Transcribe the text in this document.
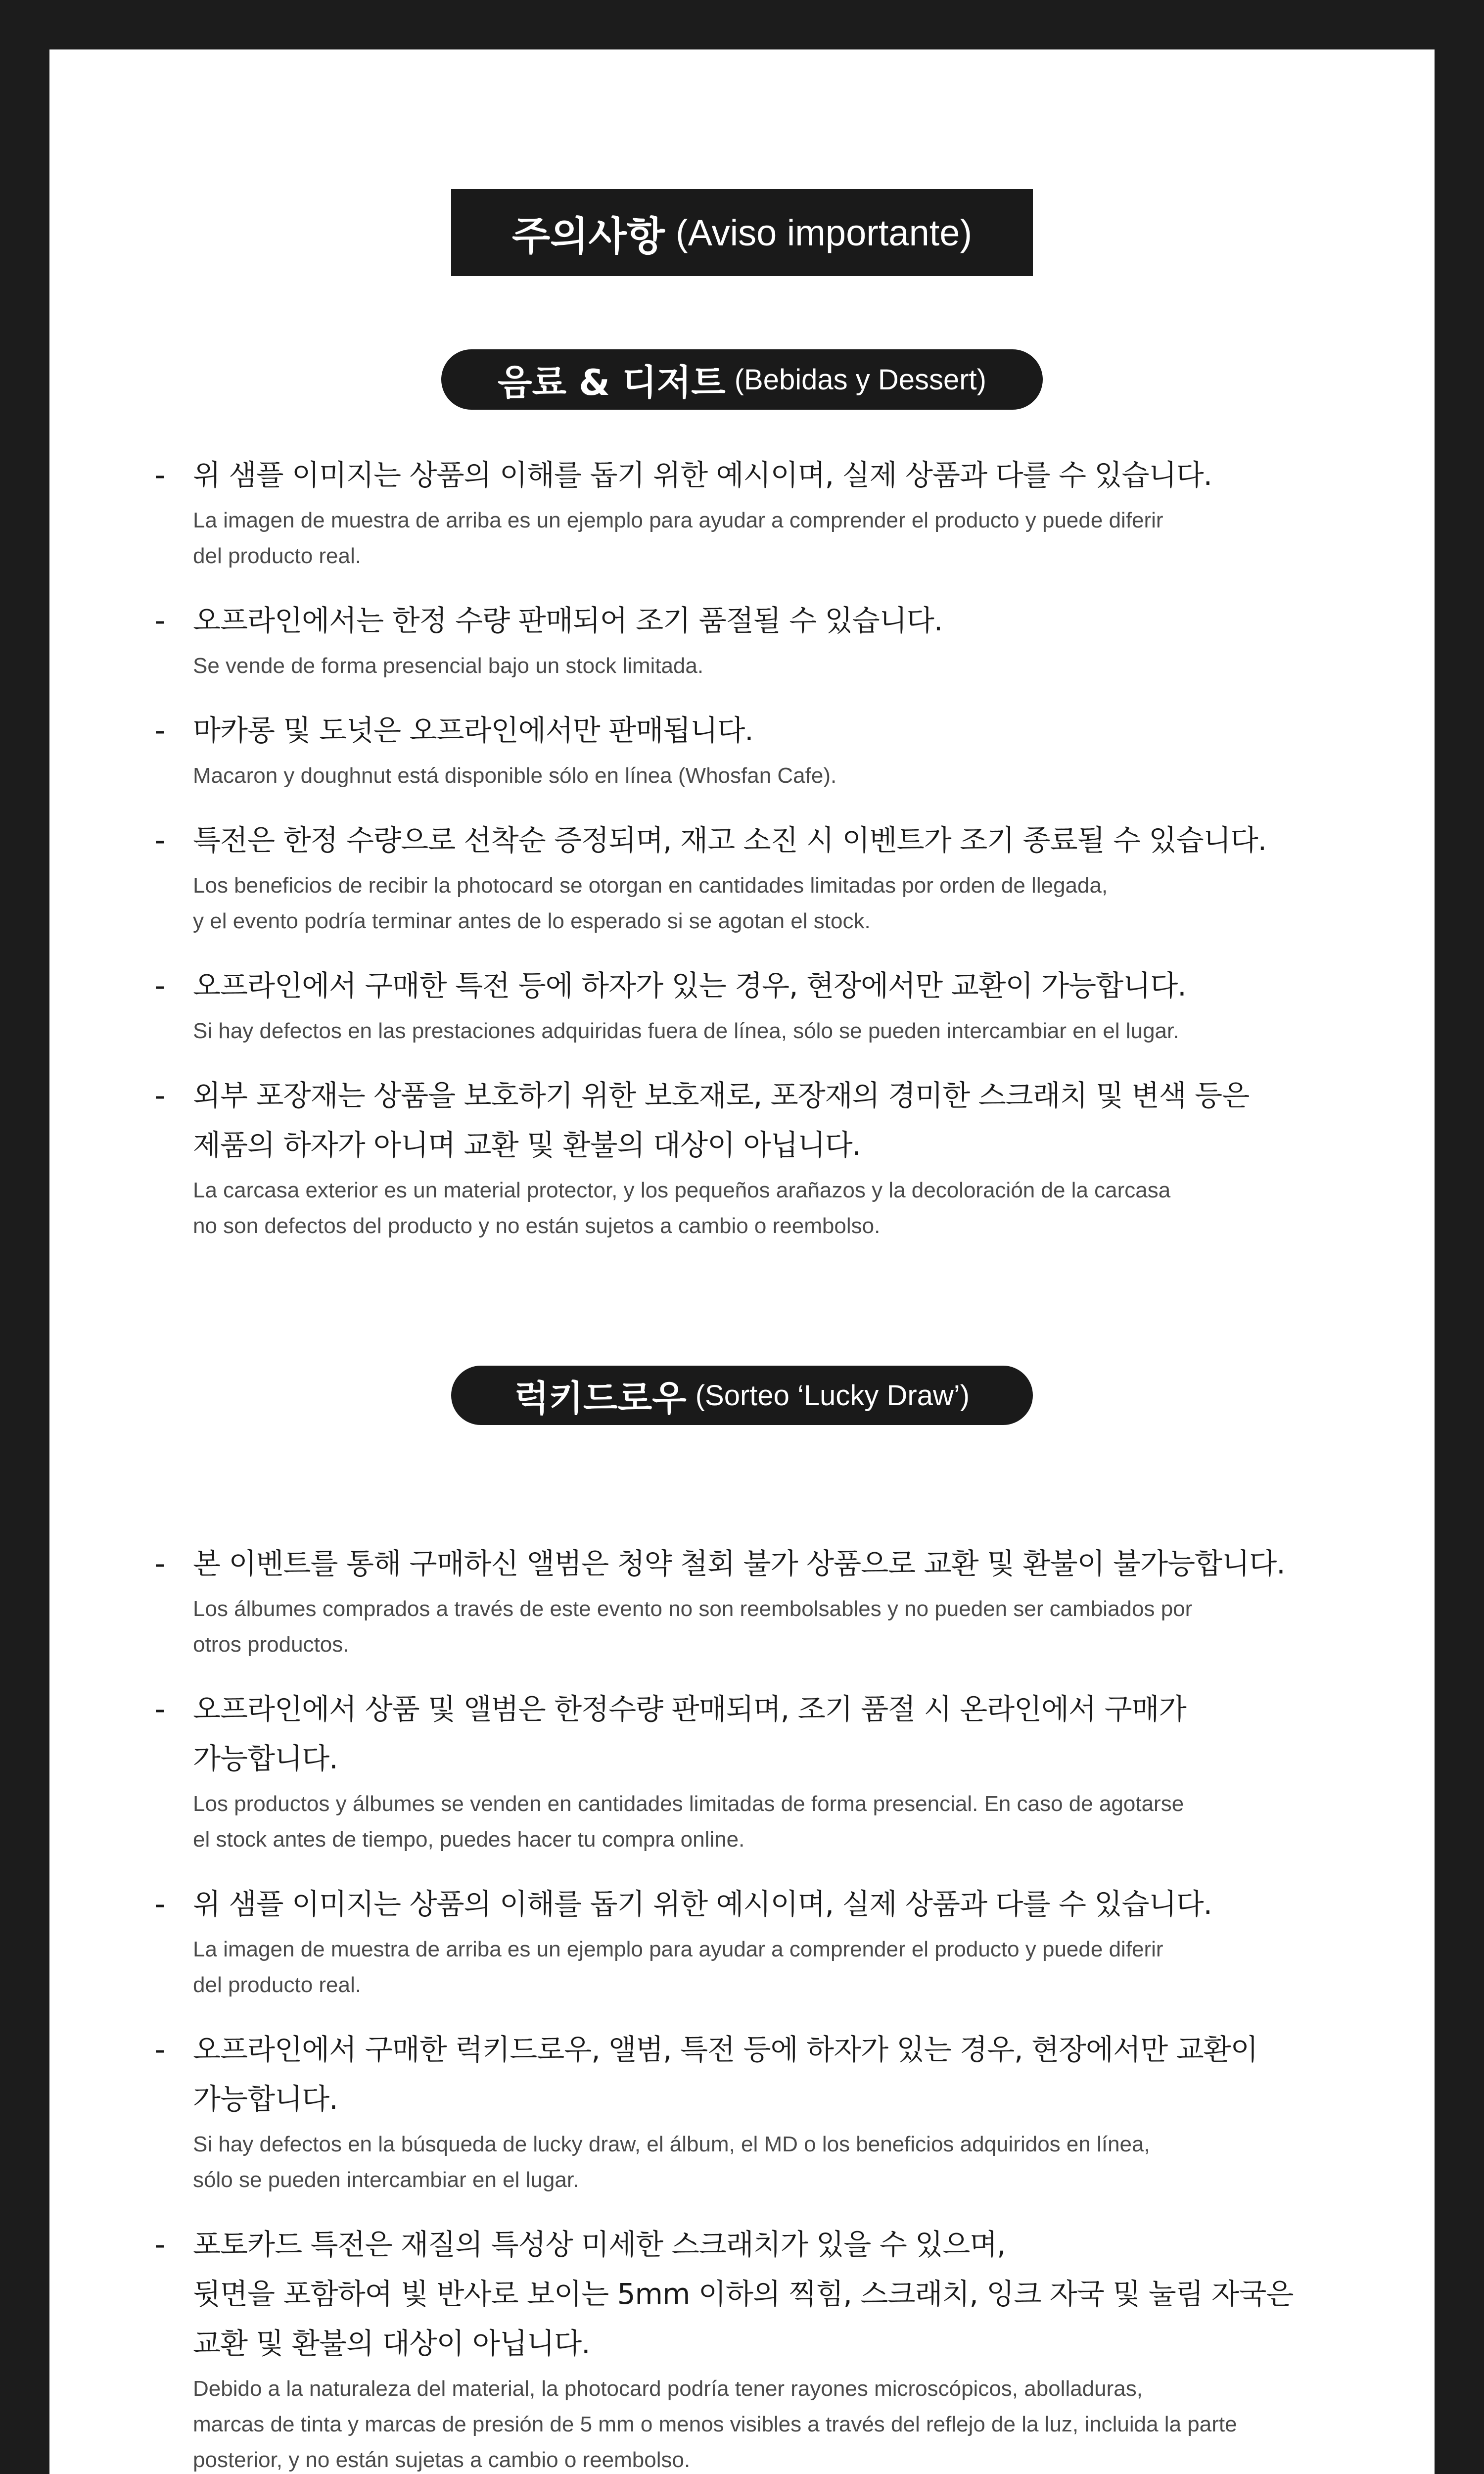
주의사항 (Aviso importante)
음료 & 디저트 (Bebidas y Dessert)
- 위 샘플 이미지는 상품의 이해를 돕기 위한 예시이며, 실제 상품과 다를 수 있습니다.
La imagen de muestra de arriba es un ejemplo para ayudar a comprender el producto y puede diferir
del producto real.
- 오프라인에서는 한정 수량 판매되어 조기 품절될 수 있습니다.
Se vende de forma presencial bajo un stock limitada.
- 마카롱 및 도넛은 오프라인에서만 판매됩니다.
Macaron y doughnut está disponible sólo en línea (Whosfan Cafe).
- 특전은 한정 수량으로 선착순 증정되며, 재고 소진 시 이벤트가 조기 종료될 수 있습니다.
Los beneficios de recibir la photocard se otorgan en cantidades limitadas por orden de llegada,
y el evento podría terminar antes de lo esperado si se agotan el stock.
- 오프라인에서 구매한 특전 등에 하자가 있는 경우, 현장에서만 교환이 가능합니다.
Si hay defectos en las prestaciones adquiridas fuera de línea, sólo se pueden intercambiar en el lugar.
- 외부 포장재는 상품을 보호하기 위한 보호재로, 포장재의 경미한 스크래치 및 변색 등은
제품의 하자가 아니며 교환 및 환불의 대상이 아닙니다.
La carcasa exterior es un material protector, y los pequeños arañazos y la decoloración de la carcasa
no son defectos del producto y no están sujetos a cambio o reembolso.
럭키드로우 (Sorteo ‘Lucky Draw’)
- 본 이벤트를 통해 구매하신 앨범은 청약 철회 불가 상품으로 교환 및 환불이 불가능합니다.
Los álbumes comprados a través de este evento no son reembolsables y no pueden ser cambiados por
otros productos.
- 오프라인에서 상품 및 앨범은 한정수량 판매되며, 조기 품절 시 온라인에서 구매가
가능합니다.
Los productos y álbumes se venden en cantidades limitadas de forma presencial. En caso de agotarse
el stock antes de tiempo, puedes hacer tu compra online.
- 위 샘플 이미지는 상품의 이해를 돕기 위한 예시이며, 실제 상품과 다를 수 있습니다.
La imagen de muestra de arriba es un ejemplo para ayudar a comprender el producto y puede diferir
del producto real.
- 오프라인에서 구매한 럭키드로우, 앨범, 특전 등에 하자가 있는 경우, 현장에서만 교환이
가능합니다.
Si hay defectos en la búsqueda de lucky draw, el álbum, el MD o los beneficios adquiridos en línea,
sólo se pueden intercambiar en el lugar.
- 포토카드 특전은 재질의 특성상 미세한 스크래치가 있을 수 있으며,
뒷면을 포함하여 빛 반사로 보이는 5mm 이하의 찍힘, 스크래치, 잉크 자국 및 눌림 자국은
교환 및 환불의 대상이 아닙니다.
Debido a la naturaleza del material, la photocard podría tener rayones microscópicos, abolladuras,
marcas de tinta y marcas de presión de 5 mm o menos visibles a través del reflejo de la luz, incluida la parte
posterior, y no están sujetas a cambio o reembolso.
